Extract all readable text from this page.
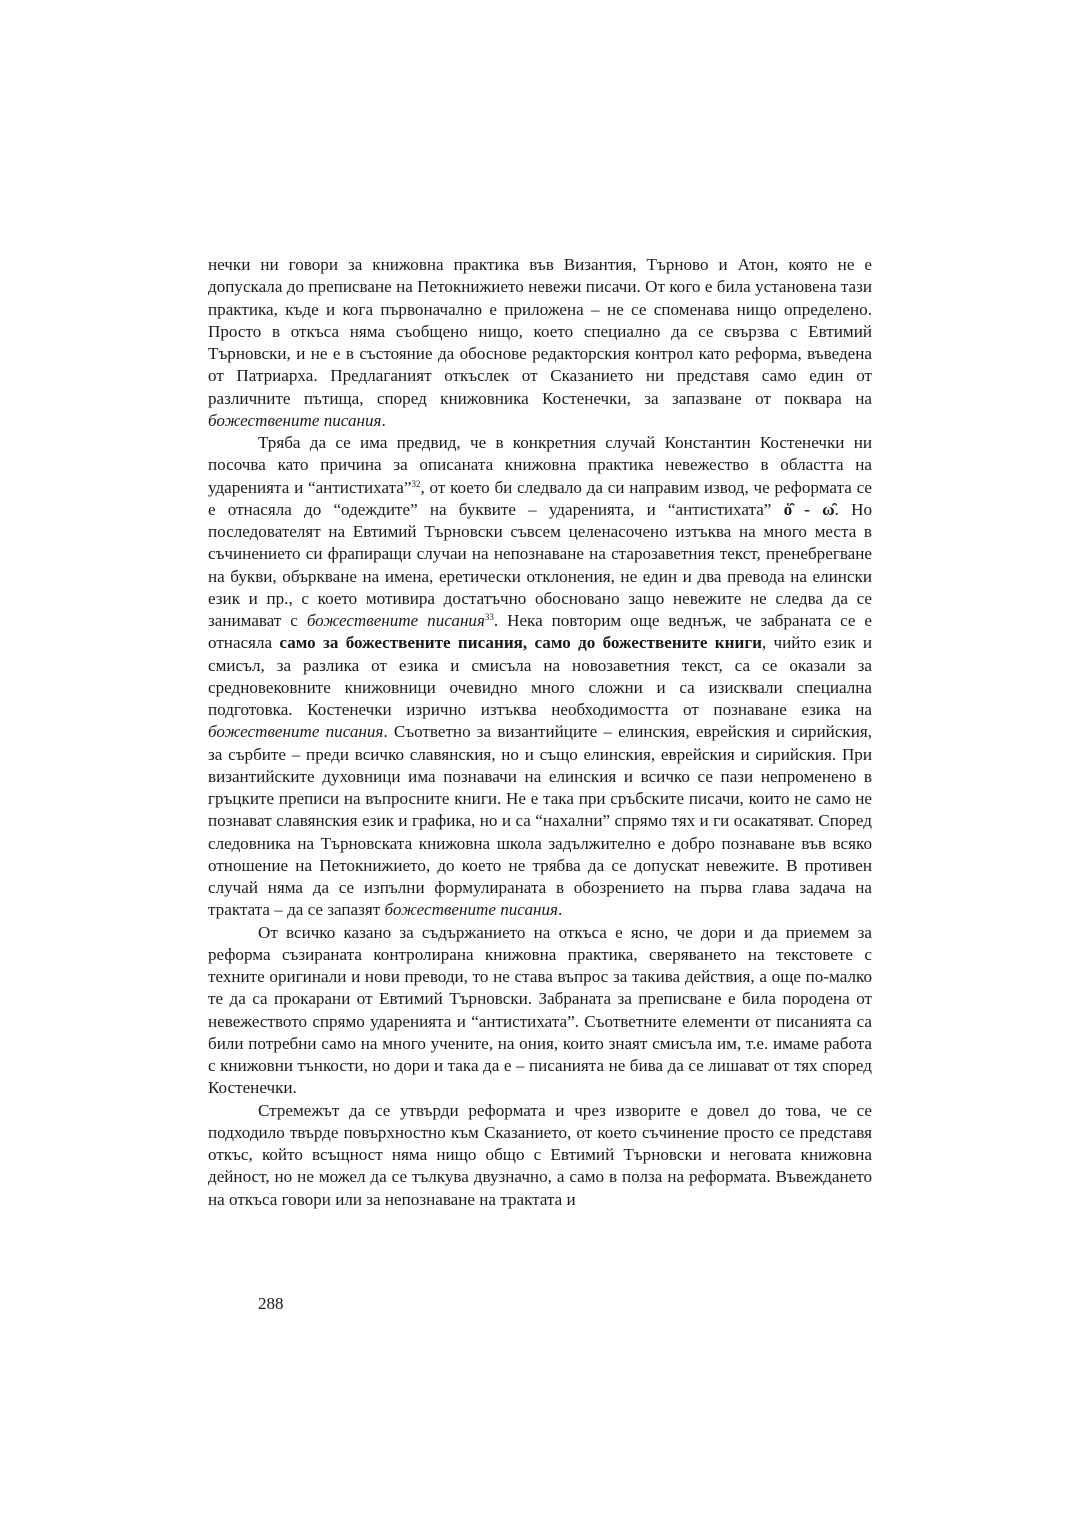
нечки ни говори за книжовна практика във Византия, Търново и Атон, която не е допускала до преписване на Петокнижието невежи писачи. От кого е била установена тази практика, къде и кога първоначално е приложена – не се споменава нищо определено. Просто в откъса няма съобщено нищо, което специално да се свързва с Евтимий Търновски, и не е в състояние да обоснове редакторския контрол като реформа, въведена от Патриарха. Предлаганият откъслек от Сказанието ни представя само един от различните пътища, според книжовника Костенечки, за запазване от поквара на божествените писания.

Тряба да се има предвид, че в конкретния случай Константин Костенечки ни посочва като причина за описаната книжовна практика невежество в областта на ударенията и “антистихата”$^{32}$, от което би следвало да си направим извод, че реформата се е отнасяла до “одеждите” на буквите – ударенията, и “антистихата” ὁ̑ - ω̑. Но последователят на Евтимий Търновски съвсем целенасочено изтъква на много места в съчинението си фрапиращи случаи на непознаване на старозаветния текст, пренебрегване на букви, объркване на имена, еретически отклонения, не един и два превода на елински език и пр., с което мотивира достатъчно обосновано защо невежите не следва да се занимават с божествените писания$^{33}$. Нека повторим още веднъж, че забраната се е отнасяла само за божествените писания, само до божествените книги, чийто език и смисъл, за разлика от езика и смисъла на новозаветния текст, са се оказали за средновековните книжовници очевидно много сложни и са изисквали специална подготовка. Костенечки изрично изтъква необходимостта от познаване езика на божествените писания. Съответно за византийците – елинския, еврейския и сирийския, за сърбите – преди всичко славянския, но и също елинския, еврейския и сирийския. При византийските духовници има познавачи на елинския и всичко се пази непроменено в гръцките преписи на въпросните книги. Не е така при сръбските писачи, които не само не познават славянския език и графика, но и са “нахални” спрямо тях и ги осакатяват. Според следовника на Търновската книжовна школа задължително е добро познаване във всяко отношение на Петокнижието, до което не трябва да се допускат невежите. В противен случай няма да се изпълни формулираната в обозрението на първа глава задача на трактата – да се запазят божествените писания.

От всичко казано за съдържанието на откъса е ясно, че дори и да приемем за реформа съзираната контролирана книжовна практика, сверяването на текстовете с техните оригинали и нови преводи, то не става въпрос за такива действия, а още по-малко те да са прокарани от Евтимий Търновски. Забраната за преписване е била породена от невежеството спрямо ударенията и “антистихата”. Съответните елементи от писанията са били потребни само на много учените, на ония, които знаят смисъла им, т.е. имаме работа с книжовни тънкости, но дори и така да е – писанията не бива да се лишават от тях според Костенечки.

Стремежът да се утвърди реформата и чрез изворите е довел до това, че се подходило твърде повърхностно към Сказанието, от което съчинение просто се представя откъс, който всъщност няма нищо общо с Евтимий Търновски и неговата книжовна дейност, но не можел да се тълкува двузначно, а само в полза на реформата. Въвеждането на откъса говори или за непознаване на трактата и

288
